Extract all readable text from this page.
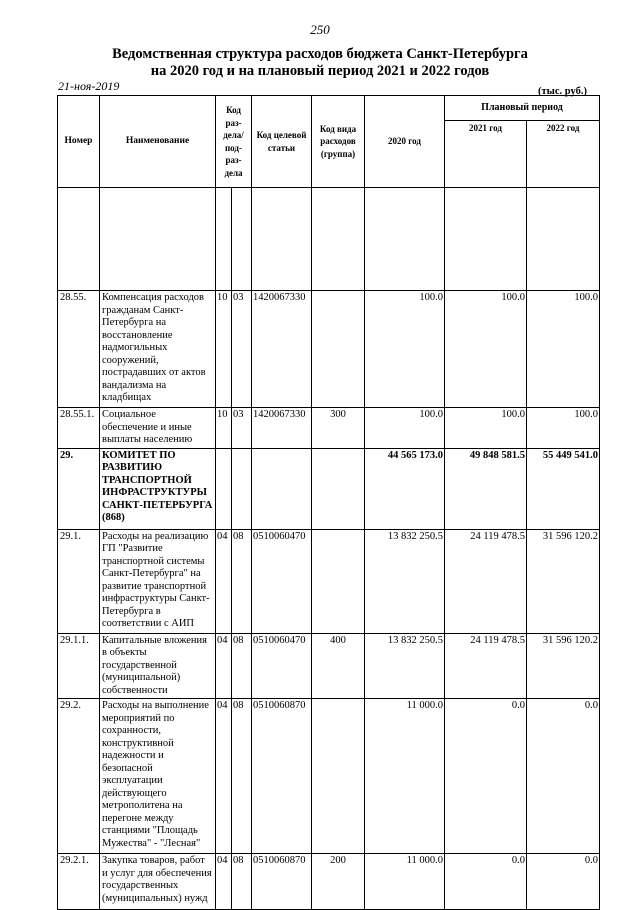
250
Ведомственная структура расходов бюджета Санкт-Петербурга
на 2020 год и на плановый период 2021 и 2022 годов
21-ноя-2019	(тыс. руб.)
Номер	Наименование	Код раз- дела/ под- раз- дела		Код целевой статьи	Код вида расходов (группа)	2020 год	Плановый период	
							2021 год	2022 год

28.55.	Компенсация расходов гражданам Санкт-Петербурга на восстановление надмогильных сооружений, пострадавших от актов вандализма на кладбищах	10	03	1420067330		100.0	100.0	100.0
28.55.1.	Социальное обеспечение и иные выплаты населению	10	03	1420067330	300	100.0	100.0	100.0
29.	КОМИТЕТ ПО РАЗВИТИЮ ТРАНСПОРТНОЙ ИНФРАСТРУКТУРЫ САНКТ-ПЕТЕРБУРГА (868)					44 565 173.0	49 848 581.5	55 449 541.0
29.1.	Расходы на реализацию ГП "Развитие транспортной системы Санкт-Петербурга" на развитие транспортной инфраструктуры Санкт-Петербурга в соответствии с АИП	04	08	0510060470		13 832 250.5	24 119 478.5	31 596 120.2
29.1.1.	Капитальные вложения в объекты государственной (муниципальной) собственности	04	08	0510060470	400	13 832 250.5	24 119 478.5	31 596 120.2
29.2.	Расходы на выполнение мероприятий по сохранности, конструктивной надежности и безопасной эксплуатации действующего метрополитена на перегоне между станциями "Площадь Мужества" - "Лесная"	04	08	0510060870		11 000.0	0.0	0.0
29.2.1.	Закупка товаров, работ и услуг для обеспечения государственных (муниципальных) нужд	04	08	0510060870	200	11 000.0	0.0	0.0
